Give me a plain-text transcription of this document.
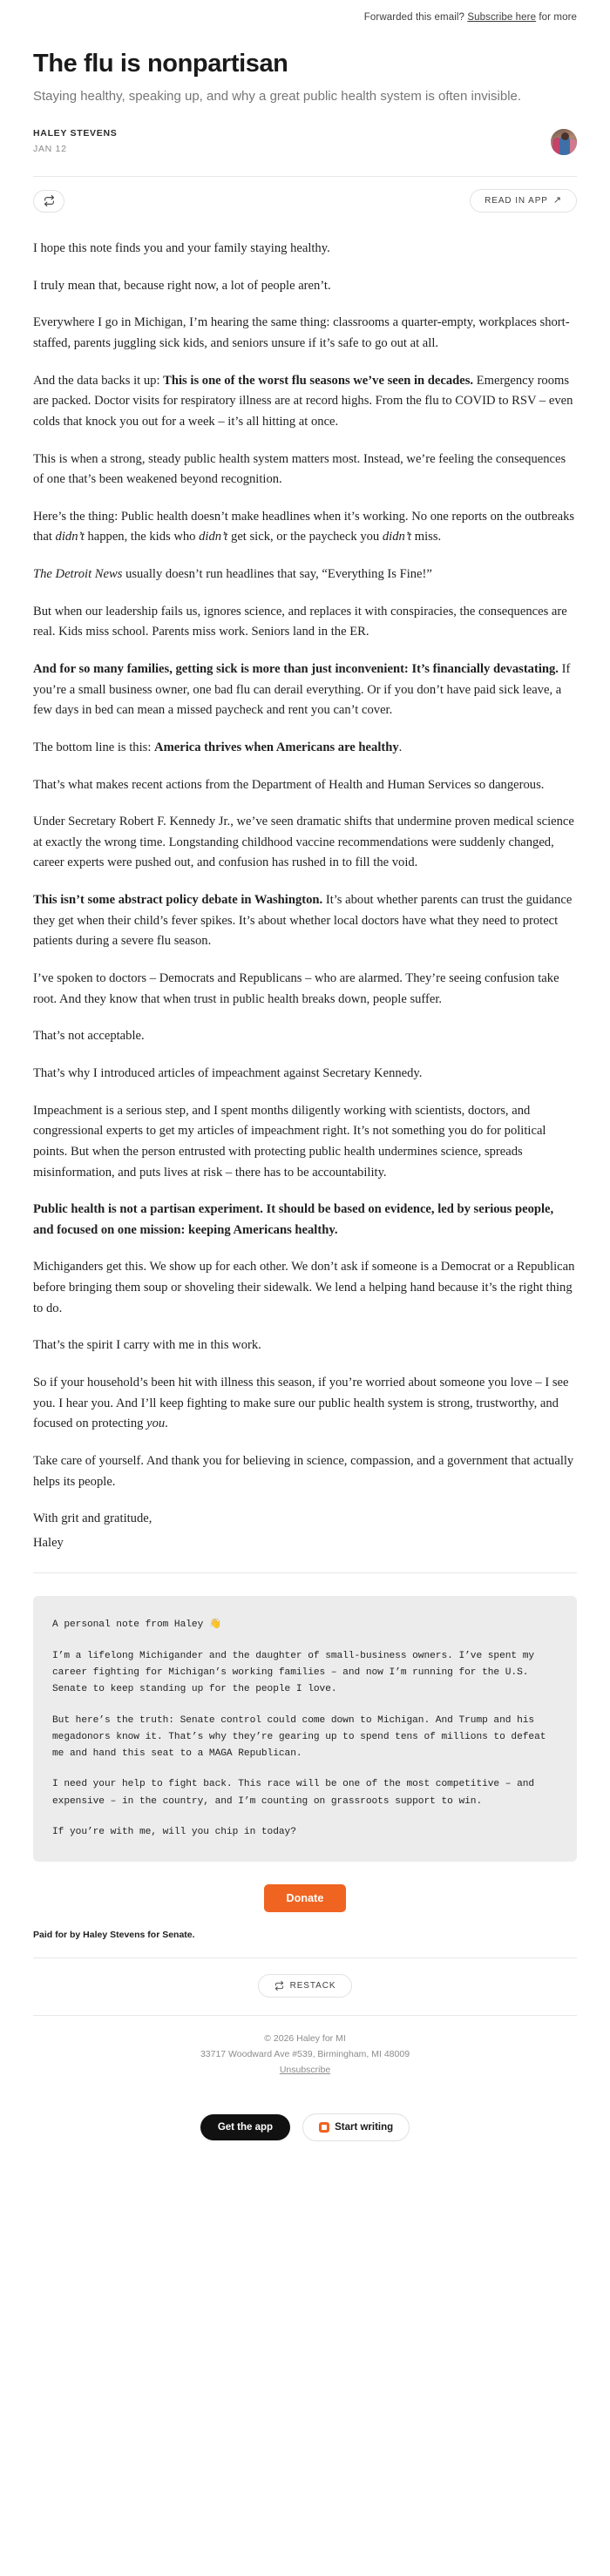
Forwarded this email? Subscribe here for more
The flu is nonpartisan
Staying healthy, speaking up, and why a great public health system is often invisible.
HALEY STEVENS
JAN 12
READ IN APP ↗

I hope this note finds you and your family staying healthy.

I truly mean that, because right now, a lot of people aren’t.

Everywhere I go in Michigan, I’m hearing the same thing: classrooms a quarter-empty, workplaces short-staffed, parents juggling sick kids, and seniors unsure if it’s safe to go out at all.

And the data backs it up: This is one of the worst flu seasons we’ve seen in decades. Emergency rooms are packed. Doctor visits for respiratory illness are at record highs. From the flu to COVID to RSV – even colds that knock you out for a week – it’s all hitting at once.

This is when a strong, steady public health system matters most. Instead, we’re feeling the consequences of one that’s been weakened beyond recognition.

Here’s the thing: Public health doesn’t make headlines when it’s working. No one reports on the outbreaks that didn’t happen, the kids who didn’t get sick, or the paycheck you didn’t miss.

The Detroit News usually doesn’t run headlines that say, “Everything Is Fine!”

But when our leadership fails us, ignores science, and replaces it with conspiracies, the consequences are real. Kids miss school. Parents miss work. Seniors land in the ER.

And for so many families, getting sick is more than just inconvenient: It’s financially devastating. If you’re a small business owner, one bad flu can derail everything. Or if you don’t have paid sick leave, a few days in bed can mean a missed paycheck and rent you can’t cover.

The bottom line is this: America thrives when Americans are healthy.

That’s what makes recent actions from the Department of Health and Human Services so dangerous.

Under Secretary Robert F. Kennedy Jr., we’ve seen dramatic shifts that undermine proven medical science at exactly the wrong time. Longstanding childhood vaccine recommendations were suddenly changed, career experts were pushed out, and confusion has rushed in to fill the void.

This isn’t some abstract policy debate in Washington. It’s about whether parents can trust the guidance they get when their child’s fever spikes. It’s about whether local doctors have what they need to protect patients during a severe flu season.

I’ve spoken to doctors – Democrats and Republicans – who are alarmed. They’re seeing confusion take root. And they know that when trust in public health breaks down, people suffer.

That’s not acceptable.

That’s why I introduced articles of impeachment against Secretary Kennedy.

Impeachment is a serious step, and I spent months diligently working with scientists, doctors, and congressional experts to get my articles of impeachment right. It’s not something you do for political points. But when the person entrusted with protecting public health undermines science, spreads misinformation, and puts lives at risk – there has to be accountability.

Public health is not a partisan experiment. It should be based on evidence, led by serious people, and focused on one mission: keeping Americans healthy.

Michiganders get this. We show up for each other. We don’t ask if someone is a Democrat or a Republican before bringing them soup or shoveling their sidewalk. We lend a helping hand because it’s the right thing to do.

That’s the spirit I carry with me in this work.

So if your household’s been hit with illness this season, if you’re worried about someone you love – I see you. I hear you. And I’ll keep fighting to make sure our public health system is strong, trustworthy, and focused on protecting you.

Take care of yourself. And thank you for believing in science, compassion, and a government that actually helps its people.

With grit and gratitude,

Haley

A personal note from Haley 👋

I’m a lifelong Michigander and the daughter of small-business owners. I’ve spent my career fighting for Michigan’s working families – and now I’m running for the U.S. Senate to keep standing up for the people I love.

But here’s the truth: Senate control could come down to Michigan. And Trump and his megadonors know it. That’s why they’re gearing up to spend tens of millions to defeat me and hand this seat to a MAGA Republican.

I need your help to fight back. This race will be one of the most competitive – and expensive – in the country, and I’m counting on grassroots support to win.

If you’re with me, will you chip in today?

Donate
Paid for by Haley Stevens for Senate.
RESTACK
© 2026 Haley for MI
33717 Woodward Ave #539, Birmingham, MI 48009
Unsubscribe
Get the app	Start writing
